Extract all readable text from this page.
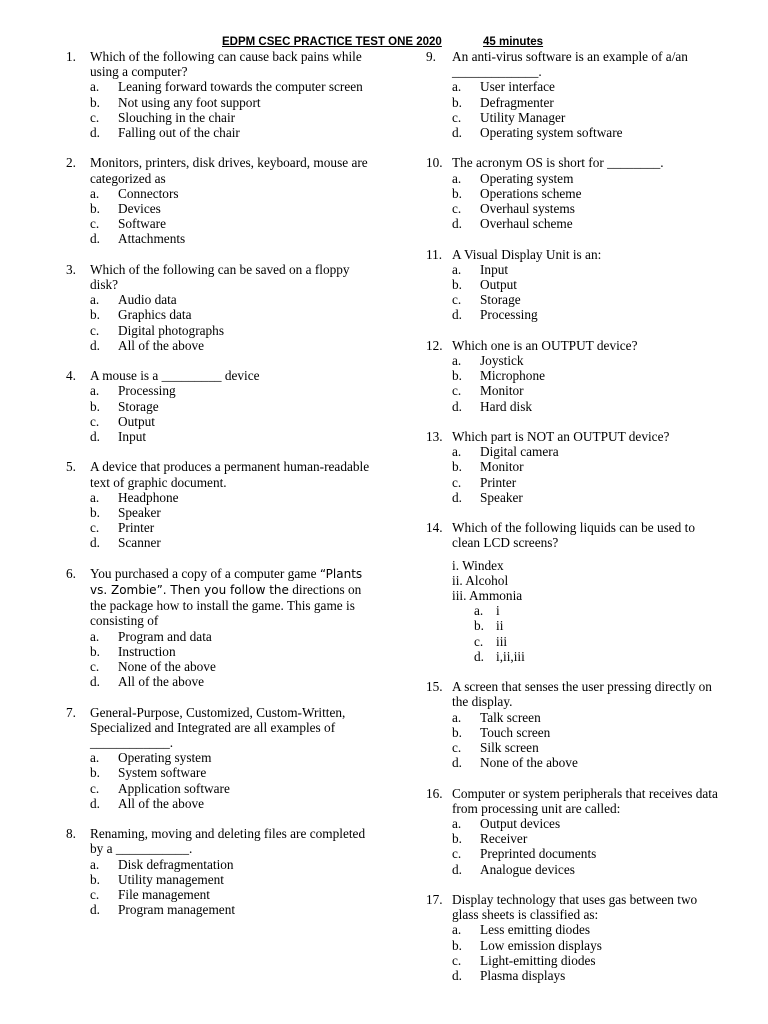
EDPM CSEC PRACTICE TEST ONE 2020	45 minutes
1.	Which of the following can cause back pains while using a computer?
a.	Leaning forward towards the computer screen
b.	Not using any foot support
c.	Slouching in the chair
d.	Falling out of the chair
2.	Monitors, printers, disk drives, keyboard, mouse are categorized as
a.	Connectors
b.	Devices
c.	Software
d.	Attachments
3.	Which of the following can be saved on a floppy disk?
a.	Audio data
b.	Graphics data
c.	Digital photographs
d.	All of the above
4.	A mouse is a _________ device
a.	Processing
b.	Storage
c.	Output
d.	Input
5.	A device that produces a permanent human-readable text of graphic document.
a.	Headphone
b.	Speaker
c.	Printer
d.	Scanner
6.	You purchased a copy of a computer game “Plants vs. Zombie”. Then you follow the directions on the package how to install the game. This game is consisting of
a.	Program and data
b.	Instruction
c.	None of the above
d.	All of the above
7.	General-Purpose, Customized, Custom-Written, Specialized and Integrated are all examples of ____________.
a.	Operating system
b.	System software
c.	Application software
d.	All of the above
8.	Renaming, moving and deleting files are completed by a ___________.
a.	Disk defragmentation
b.	Utility management
c.	File management
d.	Program management
9.	An anti-virus software is an example of a/an _____________.
a.	User interface
b.	Defragmenter
c.	Utility Manager
d.	Operating system software
10. The acronym OS is short for ________.
a.	Operating system
b.	Operations scheme
c.	Overhaul systems
d.	Overhaul scheme
11. A Visual Display Unit is an:
a.	Input
b.	Output
c.	Storage
d.	Processing
12. Which one is an OUTPUT device?
a.	Joystick
b.	Microphone
c.	Monitor
d.	Hard disk
13. Which part is NOT an OUTPUT device?
a.	Digital camera
b.	Monitor
c.	Printer
d.	Speaker
14. Which of the following liquids can be used to clean LCD screens?
i. Windex
ii. Alcohol
iii. Ammonia
a. i
b. ii
c. iii
d. i,ii,iii
15. A screen that senses the user pressing directly on the display.
a.	Talk screen
b.	Touch screen
c.	Silk screen
d.	None of the above
16. Computer or system peripherals that receives data from processing unit are called:
a.	Output devices
b.	Receiver
c.	Preprinted documents
d.	Analogue devices
17. Display technology that uses gas between two glass sheets is classified as:
a.	Less emitting diodes
b.	Low emission displays
c.	Light-emitting diodes
d.	Plasma displays
